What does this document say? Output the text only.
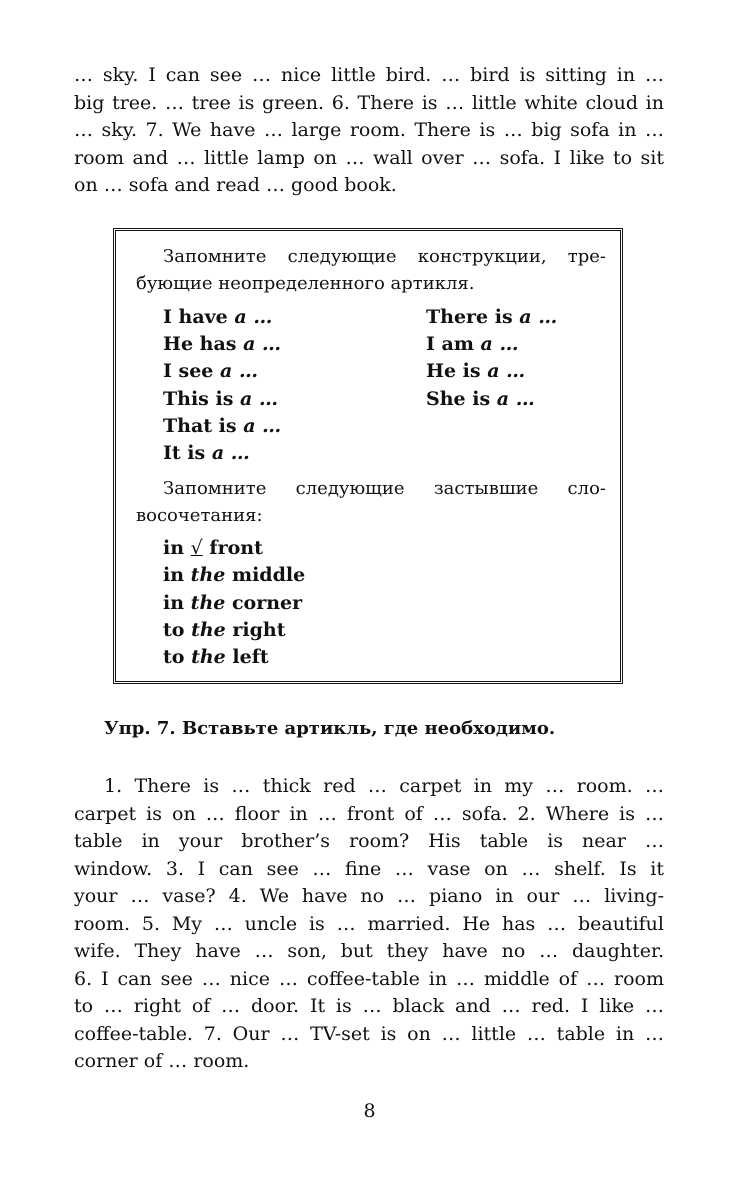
… sky. I can see … nice little bird. … bird is sitting in …
big tree. … tree is green. 6. There is … little white cloud in
… sky. 7. We have … large room. There is … big sofa in …
room and … little lamp on … wall over … sofa. I like to sit
on … sofa and read … good book.
Запомните следующие конструкции, тре-
бующие неопределенного артикля.
I have a …
He has a …
I see a …
This is a …
That is a …
It is a …
There is a …
I am a …
He is a …
She is a …
Запомните следующие застывшие сло-
восочетания:
in √ front
in the middle
in the corner
to the right
to the left
Упр. 7. Вставьте артикль, где необходимо.
1. There is … thick red … carpet in my … room. …
carpet is on … floor in … front of … sofa. 2. Where is …
table in your brother’s room? His table is near …
window. 3. I can see … fine … vase on … shelf. Is it
your … vase? 4. We have no … piano in our … living-
room. 5. My … uncle is … married. He has … beautiful
wife. They have … son, but they have no … daughter.
6. I can see … nice … coffee-table in … middle of … room
to … right of … door. It is … black and … red. I like …
coffee-table. 7. Our … TV-set is on … little … table in …
corner of … room.
8
